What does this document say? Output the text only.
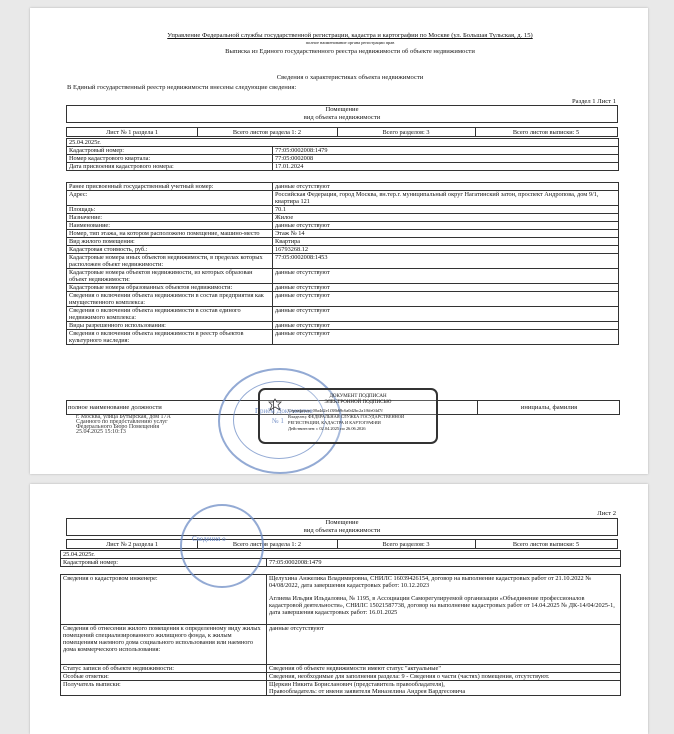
Управление Федеральной службы государственной регистрации, кадастра и картографии по Москве (ул. Большая Тульская, д. 15)
полное наименование органа регистрации прав
Выписка из Единого государственного реестра недвижимости об объекте недвижимости
Сведения о характеристиках объекта недвижимости
В Единый государственный реестр недвижимости внесены следующие сведения:
Раздел 1 Лист 1
Помещение
вид объекта недвижимости
Лист № 1 раздела 1	Всего листов раздела 1: 2	Всего разделов: 3	Всего листов выписки: 5
25.04.2025г.	
Кадастровый номер:	77:05:0002008:1479
Номер кадастрового квартала:	77:05:0002008
Дата присвоения кадастрового номера:	17.01.2024
Ранее присвоенный государственный учетный номер:	данные отсутствуют
Адрес:	Российская Федерация, город Москва, вн.тер.г. муниципальный округ Нагатинский затон, проспект Андропова, дом 9/1, квартира 121
Площадь:	70.1
Назначение:	Жилое
Наименование:	данные отсутствуют
Номер, тип этажа, на котором расположено помещение, машино-место	Этаж № 14
Вид жилого помещения:	Квартира
Кадастровая стоимость, руб.:	16793268.12
Кадастровые номера иных объектов недвижимости, в пределах которых расположен объект недвижимости:	77:05:0002008:1453
Кадастровые номера объектов недвижимости, из которых образован объект недвижимости:	данные отсутствуют
Кадастровые номера образованных объектов недвижимости:	данные отсутствуют
Сведения о включении объекта недвижимости в состав предприятия как имущественного комплекса:	данные отсутствуют
Сведения о включении объекта недвижимости в состав единого недвижимого комплекса:	данные отсутствуют
Виды разрешенного использования:	данные отсутствуют
Сведения о включении объекта недвижимости в реестр объектов культурного наследия:	данные отсутствуют
полное наименование должности	инициалы, фамилия
Приём Документов
№ 1
г. Москва, улица Бутырская, дом 17А
Сданного по предоставлению услуг
Федерального Бюро Помещения
25.04.2025 15:10:13
ДОКУМЕНТ ПОДПИСАН
ЭЛЕКТРОННОЙ ПОДПИСЬЮ
Сертификат: 00a4d2e1f38b69c6a0d2bc2a1f6fe04d7f
Владелец: ФЕДЕРАЛЬНАЯ СЛУЖБА ГОСУДАРСТВЕННОЙ
РЕГИСТРАЦИИ, КАДАСТРА И КАРТОГРАФИИ
Действителен: с 02.04.2025 по 26.06.2026
Лист 2
Помещение
вид объекта недвижимости
Лист № 2 раздела 1	Всего листов раздела 1: 2	Всего разделов: 3	Всего листов выписки: 5
25.04.2025г.
Кадастровый номер:	77:05:0002008:1479
Сведения о кадастровом инженере:	Щелухина Анжелика Владимировна, СНИЛС 16039426154, договор на выполнение кадастровых работ от 21.10.2022 № 04/08/2022, дата завершения кадастровых работ: 10.12.2023
Аглиева Ильдия Ильдаловна, № 1195, в Ассоциации Саморегулируемой организации «Объединение профессионалов кадастровой деятельности», СНИЛС 15021587738, договор на выполнение кадастровых работ от 14.04.2025 № ДК-14/04/2025-1, дата завершения кадастровых работ: 16.01.2025

Сведения об отнесении жилого помещения к определенному виду жилых помещений специализированного жилищного фонда, к жилым помещениям наемного дома социального использования или наемного дома коммерческого использования:	данные отсутствуют
Статус записи об объекте недвижимости:	Сведения об объекте недвижимости имеют статус "актуальные"
Особые отметки:	Сведения, необходимые для заполнения раздела: 9 - Сведения о части (частях) помещения, отсутствуют.
Получатель выписки:	Щеркин Никита Борисланович (представитель правообладателя),
Правообладатель: от имени заявителя Миназелина Андрея Вардгесовича
Сведения о
